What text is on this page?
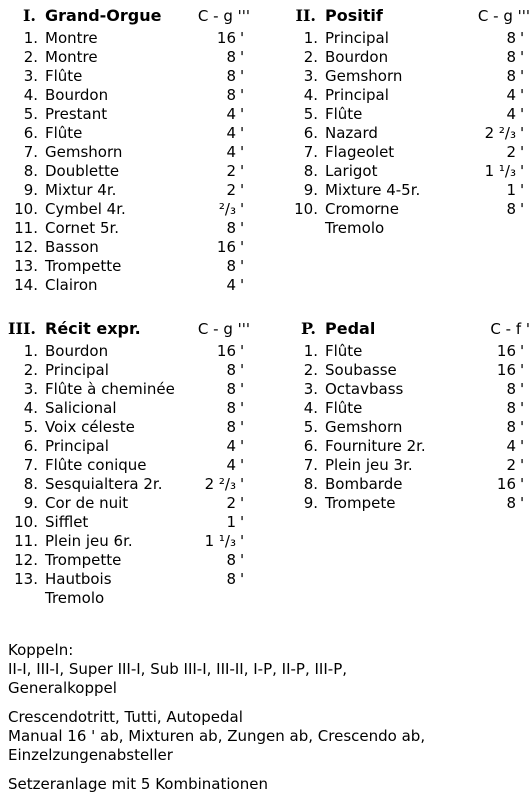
I. Grand-Orgue C - g '''
1. Montre	16 '
2. Montre	8 '
3. Flûte	8 '
4. Bourdon	8 '
5. Prestant	4 '
6. Flûte	4 '
7. Gemshorn	4 '
8. Doublette	2 '
9. Mixtur 4r.	2 '
10. Cymbel 4r.	²/₃ '
11. Cornet 5r.	8 '
12. Basson	16 '
13. Trompette	8 '
14. Clairon	4 '
II. Positif	C - g '''
1. Principal	8 '
2. Bourdon	8 '
3. Gemshorn	8 '
4. Principal	4 '
5. Flûte	4 '
6. Nazard	2 ²/₃ '
7. Flageolet	2 '
8. Larigot	1 ¹/₃ '
9. Mixture 4-5r.	1 '
10. Cromorne	8 '
Tremolo
III. Récit expr.	C - g '''
1. Bourdon	16 '
2. Principal	8 '
3. Flûte à cheminée	8 '
4. Salicional	8 '
5. Voix céleste	8 '
6. Principal	4 '
7. Flûte conique	4 '
8. Sesquialtera 2r.	2 ²/₃ '
9. Cor de nuit	2 '
10. Sifflet	1 '
11. Plein jeu 6r.	1 ¹/₃ '
12. Trompette	8 '
13. Hautbois	8 '
Tremolo
P. Pedal	C - f '
1. Flûte	16 '
2. Soubasse	16 '
3. Octavbass	8 '
4. Flûte	8 '
5. Gemshorn	8 '
6. Fourniture 2r.	4 '
7. Plein jeu 3r.	2 '
8. Bombarde	16 '
9. Trompete	8 '

Koppeln:

II-I, III-I, Super III-I, Sub III-I, III-II, I-P, II-P, III-P,

Generalkoppel

Crescendotritt, Tutti, Autopedal

Manual 16 ' ab, Mixturen ab, Zungen ab, Crescendo ab,

Einzelzungenabsteller

Setzeranlage mit 5 Kombinationen
